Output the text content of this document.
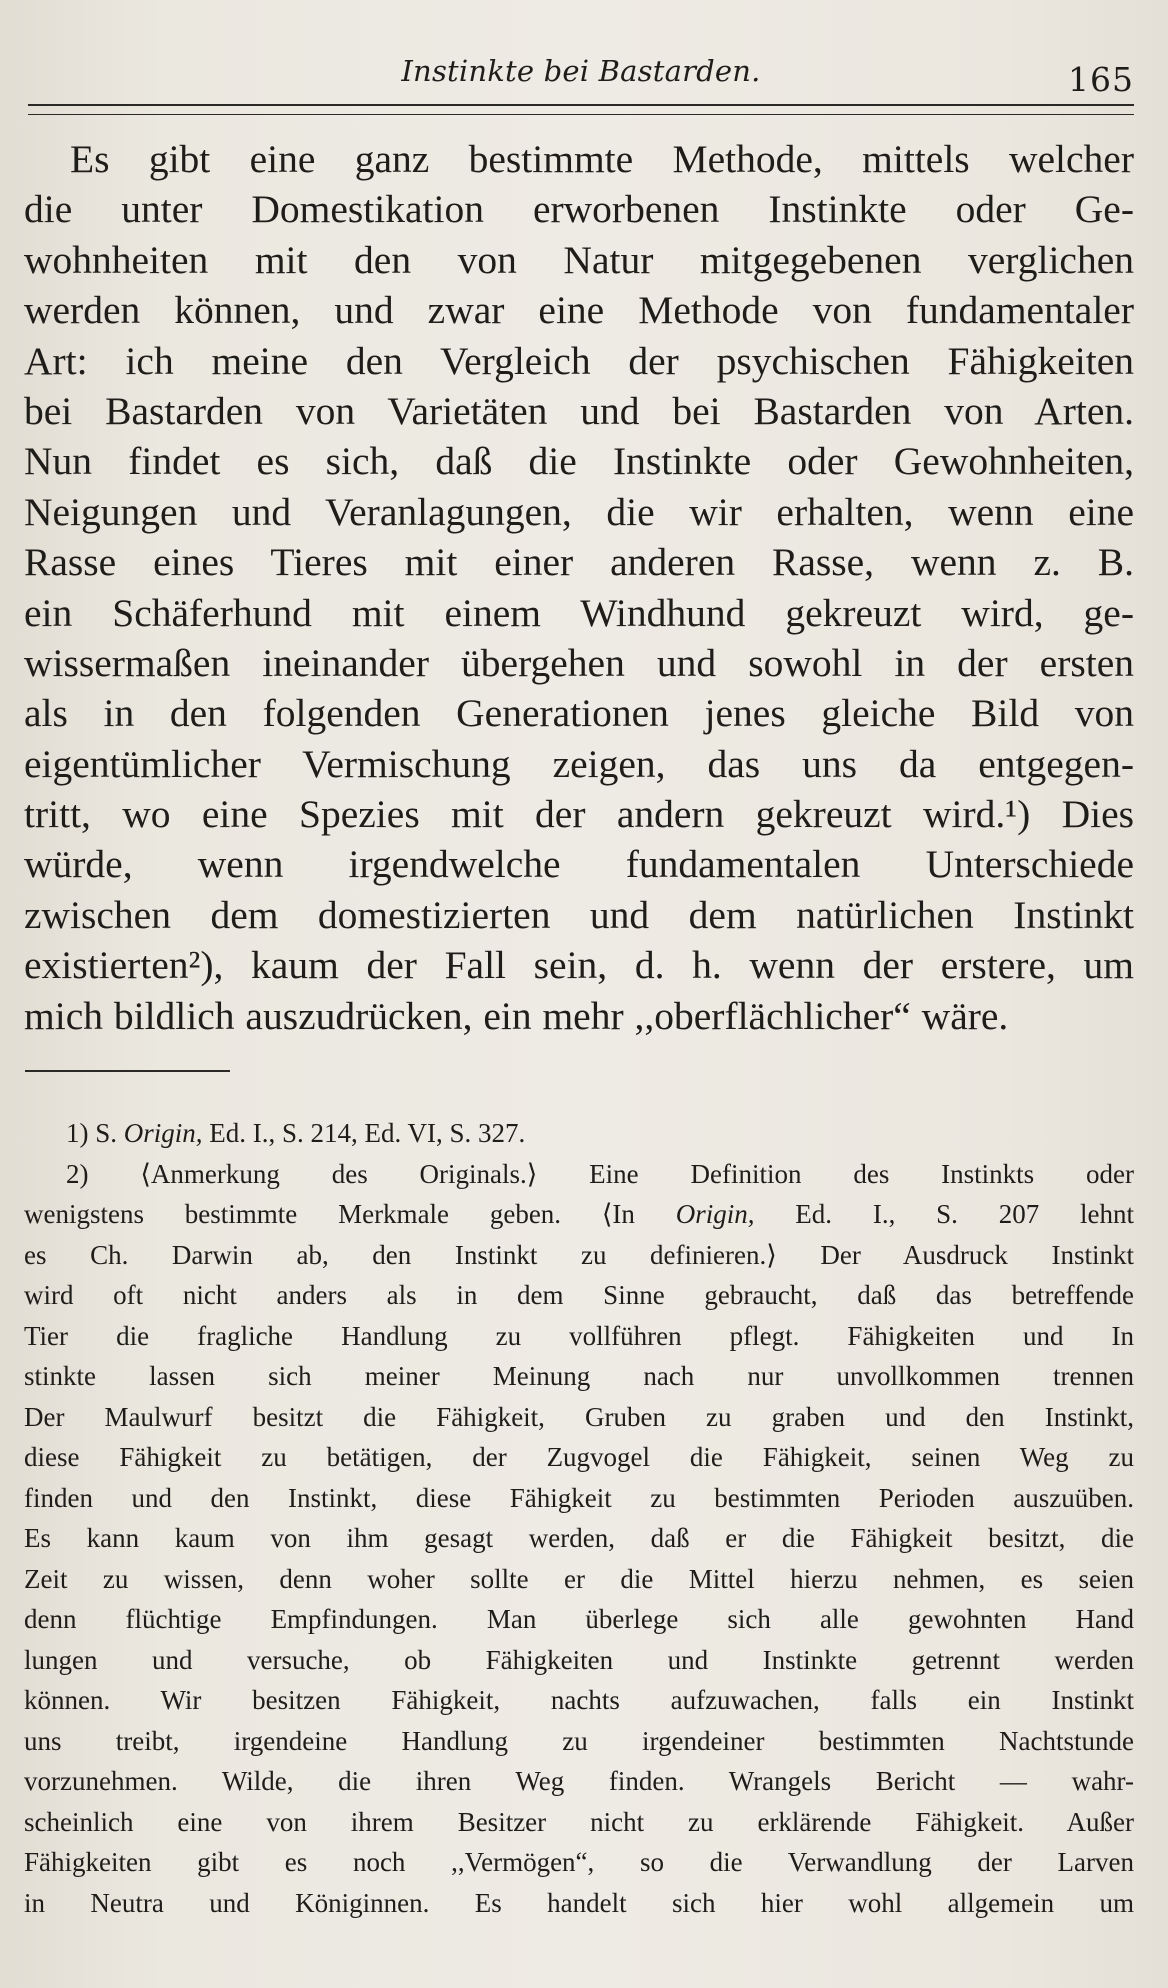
Instinkte bei Bastarden.	165
Es gibt eine ganz bestimmte Methode, mittels welcher
die unter Domestikation erworbenen Instinkte oder Ge-
wohnheiten mit den von Natur mitgegebenen verglichen
werden können, und zwar eine Methode von fundamentaler
Art: ich meine den Vergleich der psychischen Fähigkeiten
bei Bastarden von Varietäten und bei Bastarden von Arten.
Nun findet es sich, daß die Instinkte oder Gewohnheiten,
Neigungen und Veranlagungen, die wir erhalten, wenn eine
Rasse eines Tieres mit einer anderen Rasse, wenn z. B.
ein Schäferhund mit einem Windhund gekreuzt wird, ge-
wissermaßen ineinander übergehen und sowohl in der ersten
als in den folgenden Generationen jenes gleiche Bild von
eigentümlicher Vermischung zeigen, das uns da entgegen-
tritt, wo eine Spezies mit der andern gekreuzt wird.¹) Dies
würde, wenn irgendwelche fundamentalen Unterschiede
zwischen dem domestizierten und dem natürlichen Instinkt
existierten²), kaum der Fall sein, d. h. wenn der erstere, um
mich bildlich auszudrücken, ein mehr ,,oberflächlicher“ wäre.
1) S. Origin, Ed. I., S. 214, Ed. VI, S. 327.
2) ⟨Anmerkung des Originals.⟩ Eine Definition des Instinkts oder
wenigstens bestimmte Merkmale geben. ⟨In Origin, Ed. I., S. 207 lehnt
es Ch. Darwin ab, den Instinkt zu definieren.⟩ Der Ausdruck Instinkt
wird oft nicht anders als in dem Sinne gebraucht, daß das betreffende
Tier die fragliche Handlung zu vollführen pflegt. Fähigkeiten und In
stinkte lassen sich meiner Meinung nach nur unvollkommen trennen
Der Maulwurf besitzt die Fähigkeit, Gruben zu graben und den Instinkt,
diese Fähigkeit zu betätigen, der Zugvogel die Fähigkeit, seinen Weg zu
finden und den Instinkt, diese Fähigkeit zu bestimmten Perioden auszuüben.
Es kann kaum von ihm gesagt werden, daß er die Fähigkeit besitzt, die
Zeit zu wissen, denn woher sollte er die Mittel hierzu nehmen, es seien
denn flüchtige Empfindungen. Man überlege sich alle gewohnten Hand
lungen und versuche, ob Fähigkeiten und Instinkte getrennt werden
können. Wir besitzen Fähigkeit, nachts aufzuwachen, falls ein Instinkt
uns treibt, irgendeine Handlung zu irgendeiner bestimmten Nachtstunde
vorzunehmen. Wilde, die ihren Weg finden. Wrangels Bericht — wahr-
scheinlich eine von ihrem Besitzer nicht zu erklärende Fähigkeit. Außer
Fähigkeiten gibt es noch ,,Vermögen“, so die Verwandlung der Larven
in Neutra und Königinnen. Es handelt sich hier wohl allgemein um
